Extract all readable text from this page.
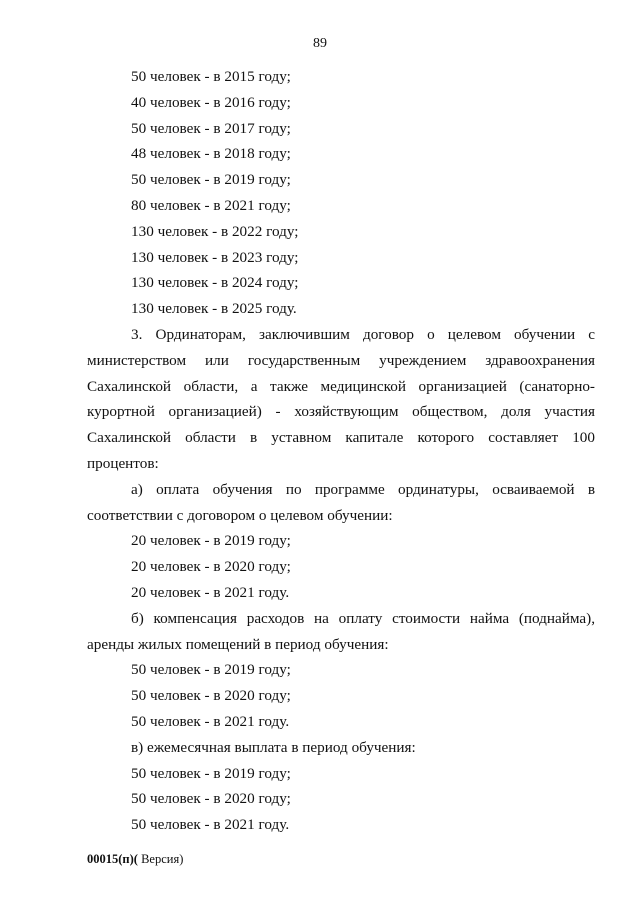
89
50 человек - в 2015 году;
40 человек - в 2016 году;
50 человек - в 2017 году;
48 человек - в 2018 году;
50 человек - в 2019 году;
80 человек - в 2021 году;
130 человек - в 2022 году;
130 человек - в 2023 году;
130 человек - в 2024 году;
130 человек - в 2025 году.
3. Ординаторам, заключившим договор о целевом обучении с министерством или государственным учреждением здравоохранения Сахалинской области, а также медицинской организацией (санаторно-курортной организацией) - хозяйствующим обществом, доля участия Сахалинской области в уставном капитале которого составляет 100 процентов:
а) оплата обучения по программе ординатуры, осваиваемой в соответствии с договором о целевом обучении:
20 человек - в 2019 году;
20 человек - в 2020 году;
20 человек - в 2021 году.
б) компенсация расходов на оплату стоимости найма (поднайма), аренды жилых помещений в период обучения:
50 человек - в 2019 году;
50 человек - в 2020 году;
50 человек - в 2021 году.
в) ежемесячная выплата в период обучения:
50 человек - в 2019 году;
50 человек - в 2020 году;
50 человек - в 2021 году.
00015(п)( Версия)
